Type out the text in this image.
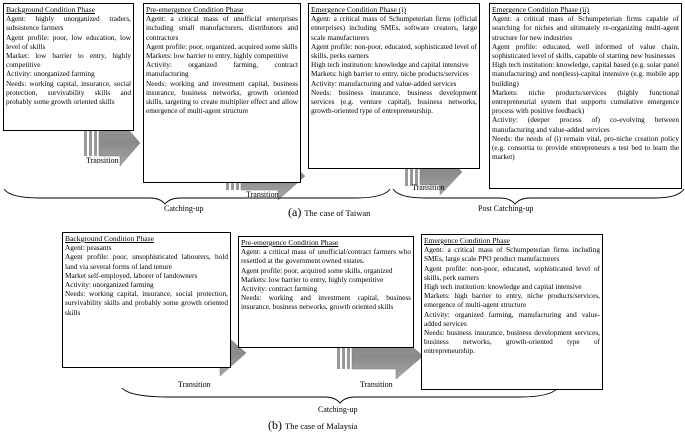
Background Condition Phase
Agent: highly unorganized traders, subsistence farmers
Agent profile: poor, low education, low level of skills
Market: low barrier to entry, highly competitive
Activity: unorganized farming
Needs: working capital, insurance, social protection, survivability skills and probably some growth oriented skills
Pre-emergence Condition Phase
Agent: a critical mass of unofficial enterprises including small manufacturers, distributors and contractors
Agent profile: poor, organized, acquired some skills
Markets: low barrier to entry, highly competitive
Activity: organized farming, contract manufacturing
Needs: working and investment capital, business insurance, business networks, growth oriented skills, targeting to create multiplier effect and allow emergence of multi-agent structure
Emergence Condition Phase (i)
Agent: a critical mass of Schumpeterian firms (official enterprises) including SMEs, software creators, large scale manufacturers
Agent profile: non-poor, educated, sophisticated level of skills, perks earners
High tech institution: knowledge and capital intensive
Markets: high barrier to entry, niche products/services
Activity: manufacturing and value-added services
Needs: business insurance, business development services (e.g. venture capital), business networks, growth-oriented type of entrepreneurship.
Emergence Condition Phase (ii)
Agent: a critical mass of Schumpeterian firms capable of searching for niches and ultimately re-organizing multi-agent structure for new industries
Agent profile: educated, well informed of value chain, sophisticated level of skills, capable of starting new businesses
High tech institution: knowledge, capital based (e.g. solar panel manufacturing) and non(less)-capital intensive (e.g. mobile app building)
Markets: niche products/services (highly functional entrepreneurial system that supports cumulative emergence process with positive feedback)
Activity: (deeper process of) co-evolving between manufacturing and value-added services
Needs: the needs of (i) remain vital, pro-niche creation policy (e.g. consortia to provide entrepreneurs a test bed to learn the market)
Transition
Transition
Transition
Catching-up	Post Catching-up
(a) The case of Taiwan
Background Condition Phase
Agent: peasants
Agent profile: poor, unsophisticated labourers, hold land via several forms of land tenure
Market self-employed, laborer of landowners
Activity: unorganized farming
Needs: working capital, insurance, social protection, survivability skills and probably some growth oriented skills
Pre-emergence Condition Phase
Agent: a critical mass of unofficial/contract farmers who resettled at the government owned estates.
Agent profile: poor, acquired some skills, organized
Markets: low barrier to entry, highly competitive
Activity: contract farming
Needs: working and investment capital, business insurance, business networks, growth oriented skills
Emergence Condition Phase
Agent: a critical mass of Schumpeterian firms including SMEs, large scale PPO product manufacturers
Agent profile: non-poor, educated, sophisticated level of skills, perk earners
High tech institution: knowledge and capital intensive
Markets: high barrier to entry, niche products/services, emergence of multi-agent structure
Activity: organized farming, manufacturing and value-added services
Needs: business insurance, business development services, business networks, growth-oriented type of entrepreneurship.
Transition	Transition
Catching-up
(b) The case of Malaysia
